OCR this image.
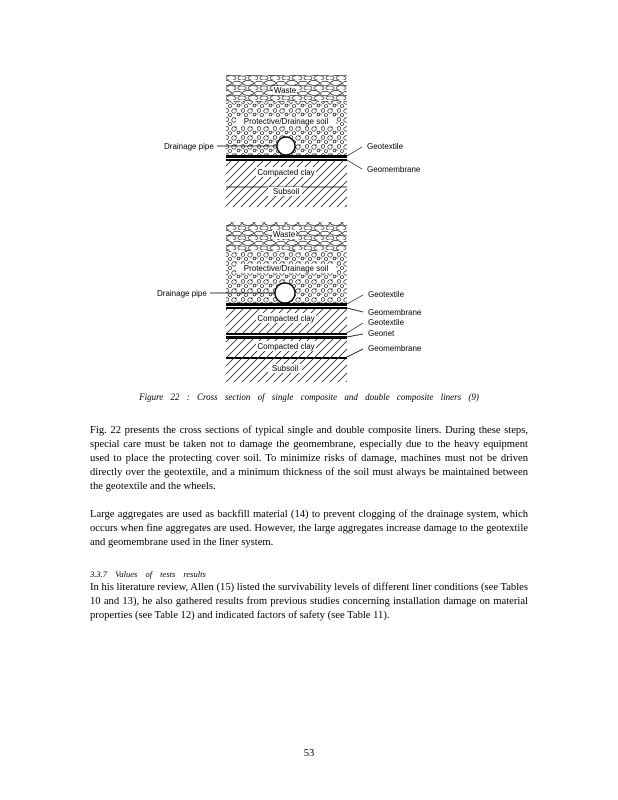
Waste
Protective/Drainage soil
Compacted clay
Subsoil
Drainage pipe	Geotextile
Geomembrane
Waste
Protective/Drainage soil
Compacted clay
Compacted clay
Subsoil
Drainage pipe	Geotextile
Geomembrane
Geotextile
Geonet
Geomembrane
Figure 22 : Cross section of single composite and double composite liners (9)
Fig. 22 presents the cross sections of typical single and double composite liners. During these steps, special care must be taken not to damage the geomembrane, especially due to the heavy equipment used to place the protecting cover soil. To minimize risks of damage, machines must not be driven directly over the geotextile, and a minimum thickness of the soil must always be maintained between the geotextile and the wheels.
Large aggregates are used as backfill material (14) to prevent clogging of the drainage system, which occurs when fine aggregates are used. However, the large aggregates increase damage to the geotextile and geomembrane used in the liner system.
3.3.7 Values of tests results
In his literature review, Allen (15) listed the survivability levels of different liner conditions (see Tables 10 and 13), he also gathered results from previous studies concerning installation damage on material properties (see Table 12) and indicated factors of safety (see Table 11).
53
